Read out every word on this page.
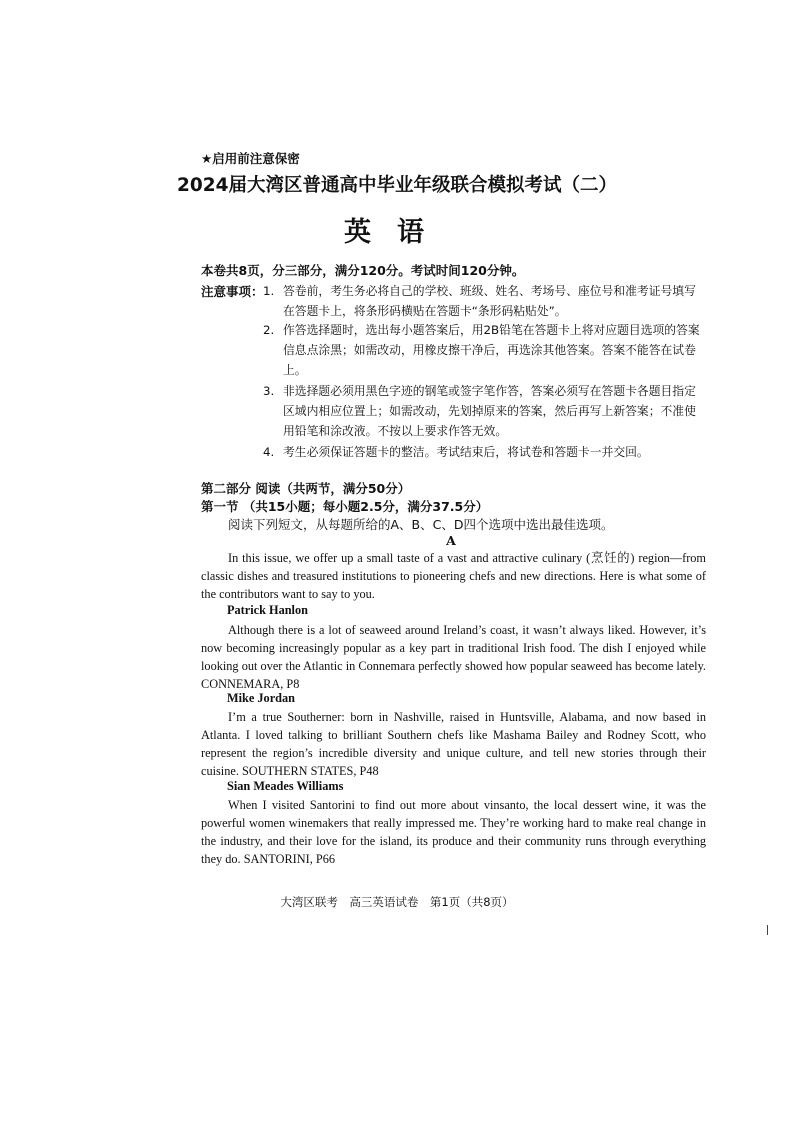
★启用前注意保密
2024届大湾区普通高中毕业年级联合模拟考试（二）
英语
本卷共8页，分三部分，满分120分。考试时间120分钟。
注意事项： 1. 答卷前，考生务必将自己的学校、班级、姓名、考场号、座位号和准考证号填写在答题卡上，将条形码横贴在答题卡“条形码粘贴处”。
2. 作答选择题时，选出每小题答案后，用2B铅笔在答题卡上将对应题目选项的答案信息点涂黑；如需改动，用橡皮擦干净后，再选涂其他答案。答案不能答在试卷上。
3. 非选择题必须用黑色字迹的钢笔或签字笔作答，答案必须写在答题卡各题目指定区域内相应位置上；如需改动，先划掉原来的答案，然后再写上新答案；不准使用铅笔和涂改液。不按以上要求作答无效。
4. 考生必须保证答题卡的整洁。考试结束后，将试卷和答题卡一并交回。
第二部分 阅读（共两节，满分50分）
第一节 （共15小题；每小题2.5分，满分37.5分）
阅读下列短文，从每题所给的A、B、C、D四个选项中选出最佳选项。
A
In this issue, we offer up a small taste of a vast and attractive culinary (烹饪的) region—from classic dishes and treasured institutions to pioneering chefs and new directions. Here is what some of the contributors want to say to you.
Patrick Hanlon
Although there is a lot of seaweed around Ireland’s coast, it wasn’t always liked. However, it’s now becoming increasingly popular as a key part in traditional Irish food. The dish I enjoyed while looking out over the Atlantic in Connemara perfectly showed how popular seaweed has become lately. CONNEMARA, P8
Mike Jordan
I’m a true Southerner: born in Nashville, raised in Huntsville, Alabama, and now based in Atlanta. I loved talking to brilliant Southern chefs like Mashama Bailey and Rodney Scott, who represent the region’s incredible diversity and unique culture, and tell new stories through their cuisine. SOUTHERN STATES, P48
Sian Meades Williams
When I visited Santorini to find out more about vinsanto, the local dessert wine, it was the powerful women winemakers that really impressed me. They’re working hard to make real change in the industry, and their love for the island, its produce and their community runs through everything they do. SANTORINI, P66
大湾区联考　高三英语试卷　第1页（共8页）
